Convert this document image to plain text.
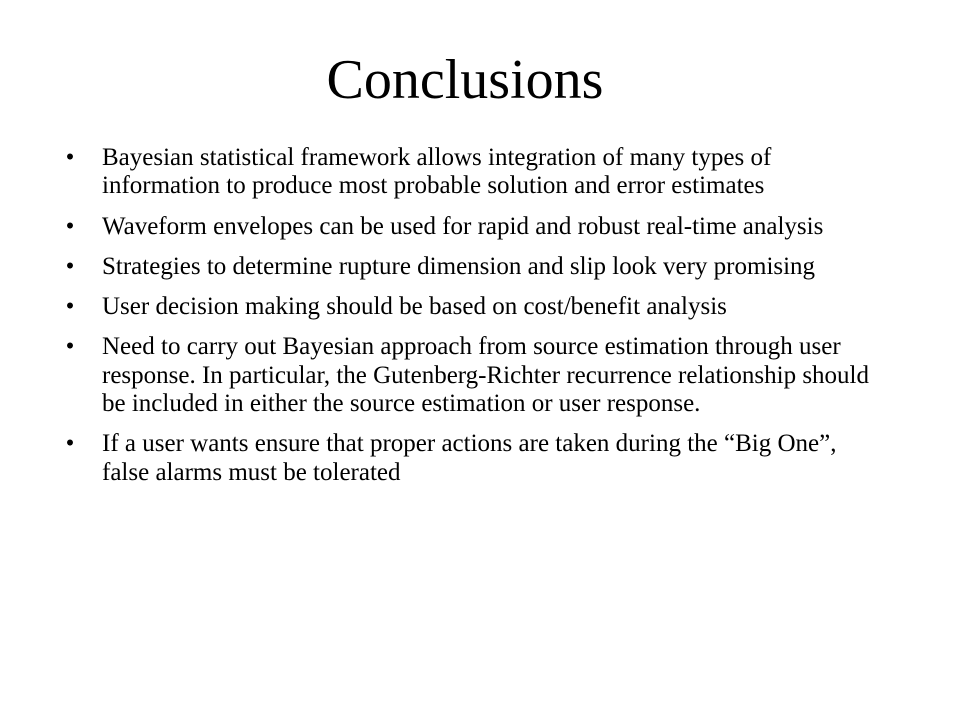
Conclusions
• Bayesian statistical framework allows integration of many types of information to produce most probable solution and error estimates
• Waveform envelopes can be used for rapid and robust real-time analysis
• Strategies to determine rupture dimension and slip look very promising
• User decision making should be based on cost/benefit analysis
• Need to carry out Bayesian approach from source estimation through user response. In particular, the Gutenberg-Richter recurrence relationship should be included in either the source estimation or user response.
• If a user wants ensure that proper actions are taken during the “Big One”, false alarms must be tolerated
